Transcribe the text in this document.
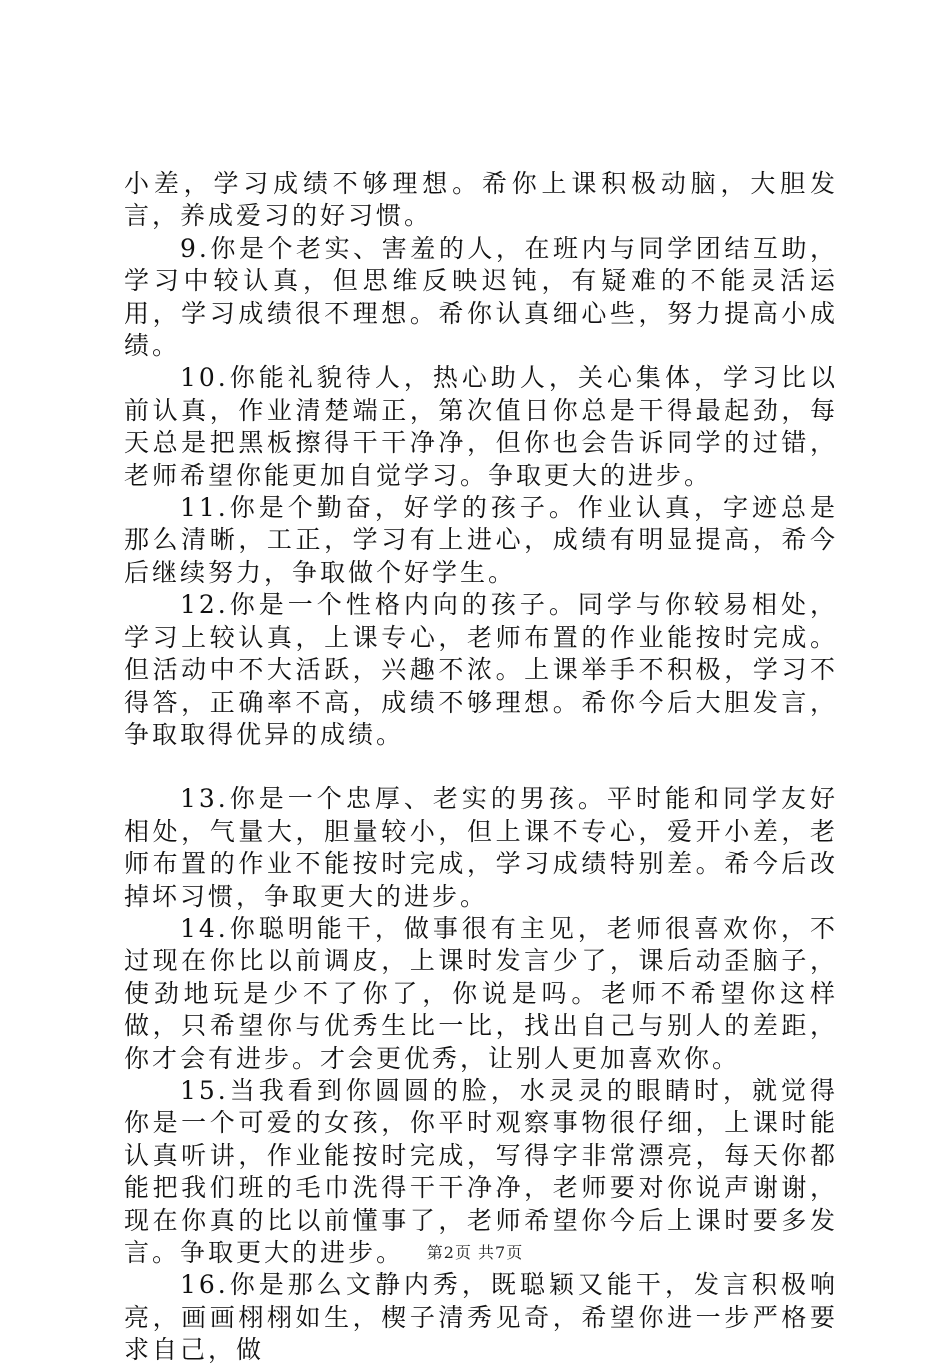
小差，学习成绩不够理想。希你上课积极动脑，大胆发言，养成爱习的好习惯。

9.你是个老实、害羞的人，在班内与同学团结互助，学习中较认真，但思维反映迟钝，有疑难的不能灵活运用，学习成绩很不理想。希你认真细心些，努力提高小成绩。

10.你能礼貌待人，热心助人，关心集体，学习比以前认真，作业清楚端正，第次值日你总是干得最起劲，每天总是把黑板擦得干干净净，但你也会告诉同学的过错，老师希望你能更加自觉学习。争取更大的进步。

11.你是个勤奋，好学的孩子。作业认真，字迹总是那么清晰，工正，学习有上进心，成绩有明显提高，希今后继续努力，争取做个好学生。

12.你是一个性格内向的孩子。同学与你较易相处，学习上较认真，上课专心，老师布置的作业能按时完成。但活动中不大活跃，兴趣不浓。上课举手不积极，学习不得答，正确率不高，成绩不够理想。希你今后大胆发言，争取取得优异的成绩。

13.你是一个忠厚、老实的男孩。平时能和同学友好相处，气量大，胆量较小，但上课不专心，爱开小差，老师布置的作业不能按时完成，学习成绩特别差。希今后改掉坏习惯，争取更大的进步。

14.你聪明能干，做事很有主见，老师很喜欢你，不过现在你比以前调皮，上课时发言少了，课后动歪脑子，使劲地玩是少不了你了，你说是吗。老师不希望你这样做，只希望你与优秀生比一比，找出自己与别人的差距，你才会有进步。才会更优秀，让别人更加喜欢你。

15.当我看到你圆圆的脸，水灵灵的眼睛时，就觉得你是一个可爱的女孩，你平时观察事物很仔细，上课时能认真听讲，作业能按时完成，写得字非常漂亮，每天你都能把我们班的毛巾洗得干干净净，老师要对你说声谢谢，现在你真的比以前懂事了，老师希望你今后上课时要多发言。争取更大的进步。

16.你是那么文静内秀，既聪颖又能干，发言积极响亮，画画栩栩如生，楔子清秀见奇，希望你进一步严格要求自己，做

第2页 共7页
